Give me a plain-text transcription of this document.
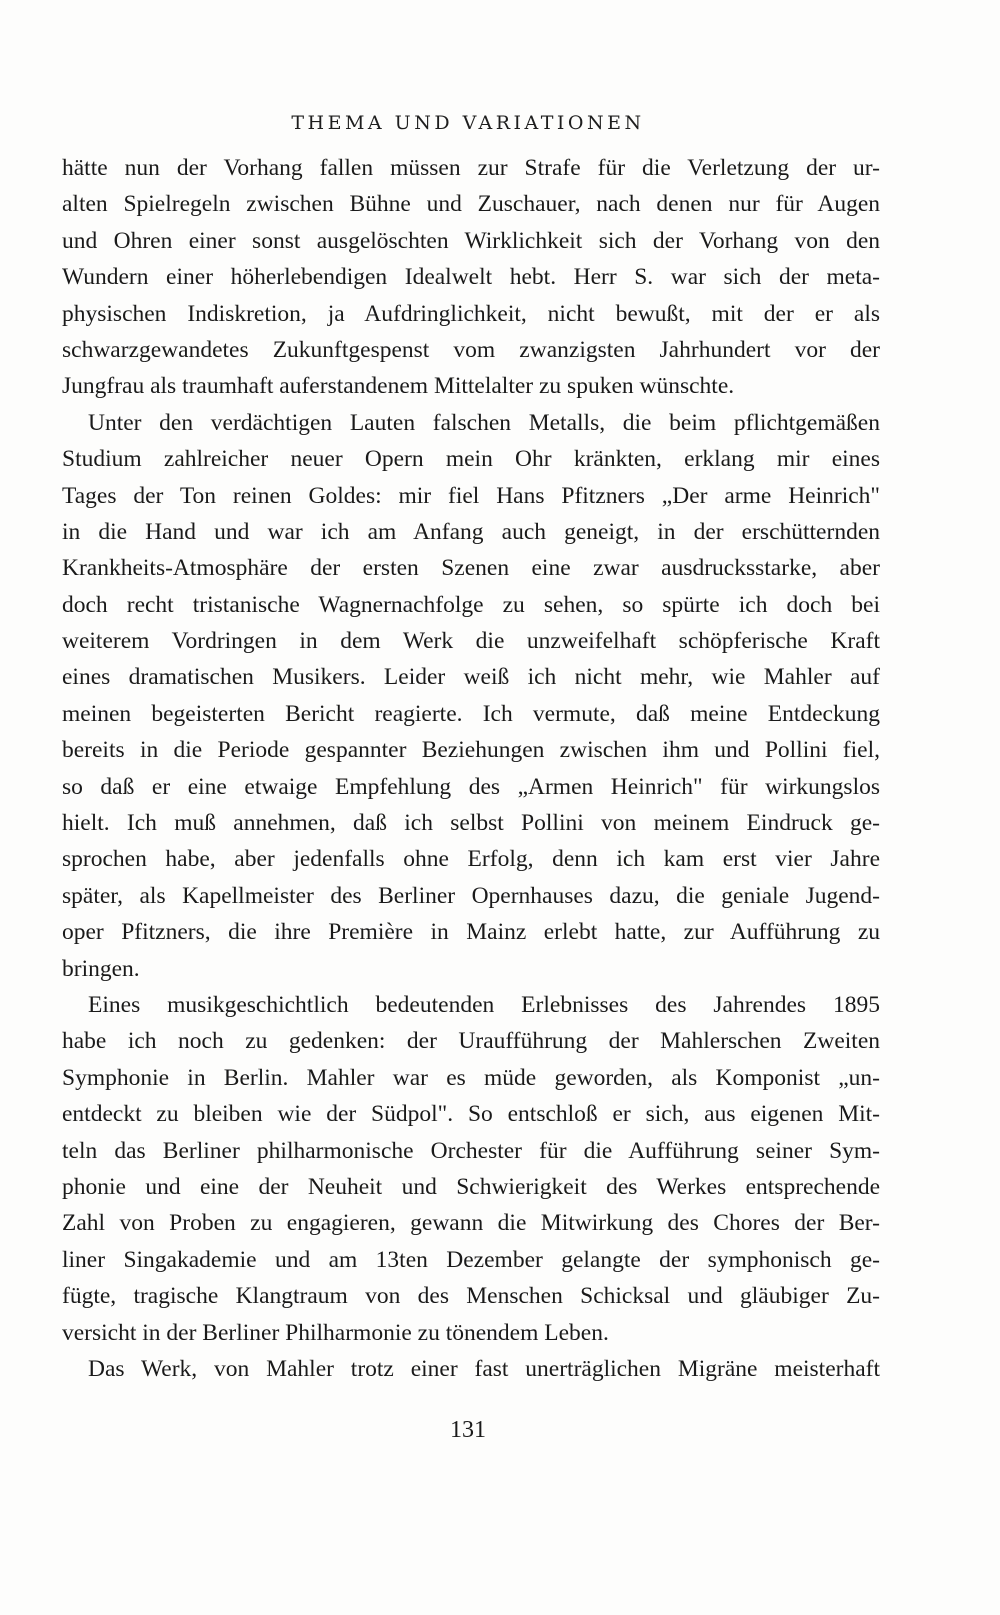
THEMA UND VARIATIONEN
hätte nun der Vorhang fallen müssen zur Strafe für die Verletzung der ur-
alten Spielregeln zwischen Bühne und Zuschauer, nach denen nur für Augen
und Ohren einer sonst ausgelöschten Wirklichkeit sich der Vorhang von den
Wundern einer höherlebendigen Idealwelt hebt. Herr S. war sich der meta-
physischen Indiskretion, ja Aufdringlichkeit, nicht bewußt, mit der er als
schwarzgewandetes Zukunftgespenst vom zwanzigsten Jahrhundert vor der
Jungfrau als traumhaft auferstandenem Mittelalter zu spuken wünschte.
Unter den verdächtigen Lauten falschen Metalls, die beim pflichtgemäßen
Studium zahlreicher neuer Opern mein Ohr kränkten, erklang mir eines
Tages der Ton reinen Goldes: mir fiel Hans Pfitzners „Der arme Heinrich"
in die Hand und war ich am Anfang auch geneigt, in der erschütternden
Krankheits-Atmosphäre der ersten Szenen eine zwar ausdrucksstarke, aber
doch recht tristanische Wagnernachfolge zu sehen, so spürte ich doch bei
weiterem Vordringen in dem Werk die unzweifelhaft schöpferische Kraft
eines dramatischen Musikers. Leider weiß ich nicht mehr, wie Mahler auf
meinen begeisterten Bericht reagierte. Ich vermute, daß meine Entdeckung
bereits in die Periode gespannter Beziehungen zwischen ihm und Pollini fiel,
so daß er eine etwaige Empfehlung des „Armen Heinrich" für wirkungslos
hielt. Ich muß annehmen, daß ich selbst Pollini von meinem Eindruck ge-
sprochen habe, aber jedenfalls ohne Erfolg, denn ich kam erst vier Jahre
später, als Kapellmeister des Berliner Opernhauses dazu, die geniale Jugend-
oper Pfitzners, die ihre Première in Mainz erlebt hatte, zur Aufführung zu
bringen.
Eines musikgeschichtlich bedeutenden Erlebnisses des Jahrendes 1895
habe ich noch zu gedenken: der Uraufführung der Mahlerschen Zweiten
Symphonie in Berlin. Mahler war es müde geworden, als Komponist „un-
entdeckt zu bleiben wie der Südpol". So entschloß er sich, aus eigenen Mit-
teln das Berliner philharmonische Orchester für die Aufführung seiner Sym-
phonie und eine der Neuheit und Schwierigkeit des Werkes entsprechende
Zahl von Proben zu engagieren, gewann die Mitwirkung des Chores der Ber-
liner Singakademie und am 13ten Dezember gelangte der symphonisch ge-
fügte, tragische Klangtraum von des Menschen Schicksal und gläubiger Zu-
versicht in der Berliner Philharmonie zu tönendem Leben.
Das Werk, von Mahler trotz einer fast unerträglichen Migräne meisterhaft
131
